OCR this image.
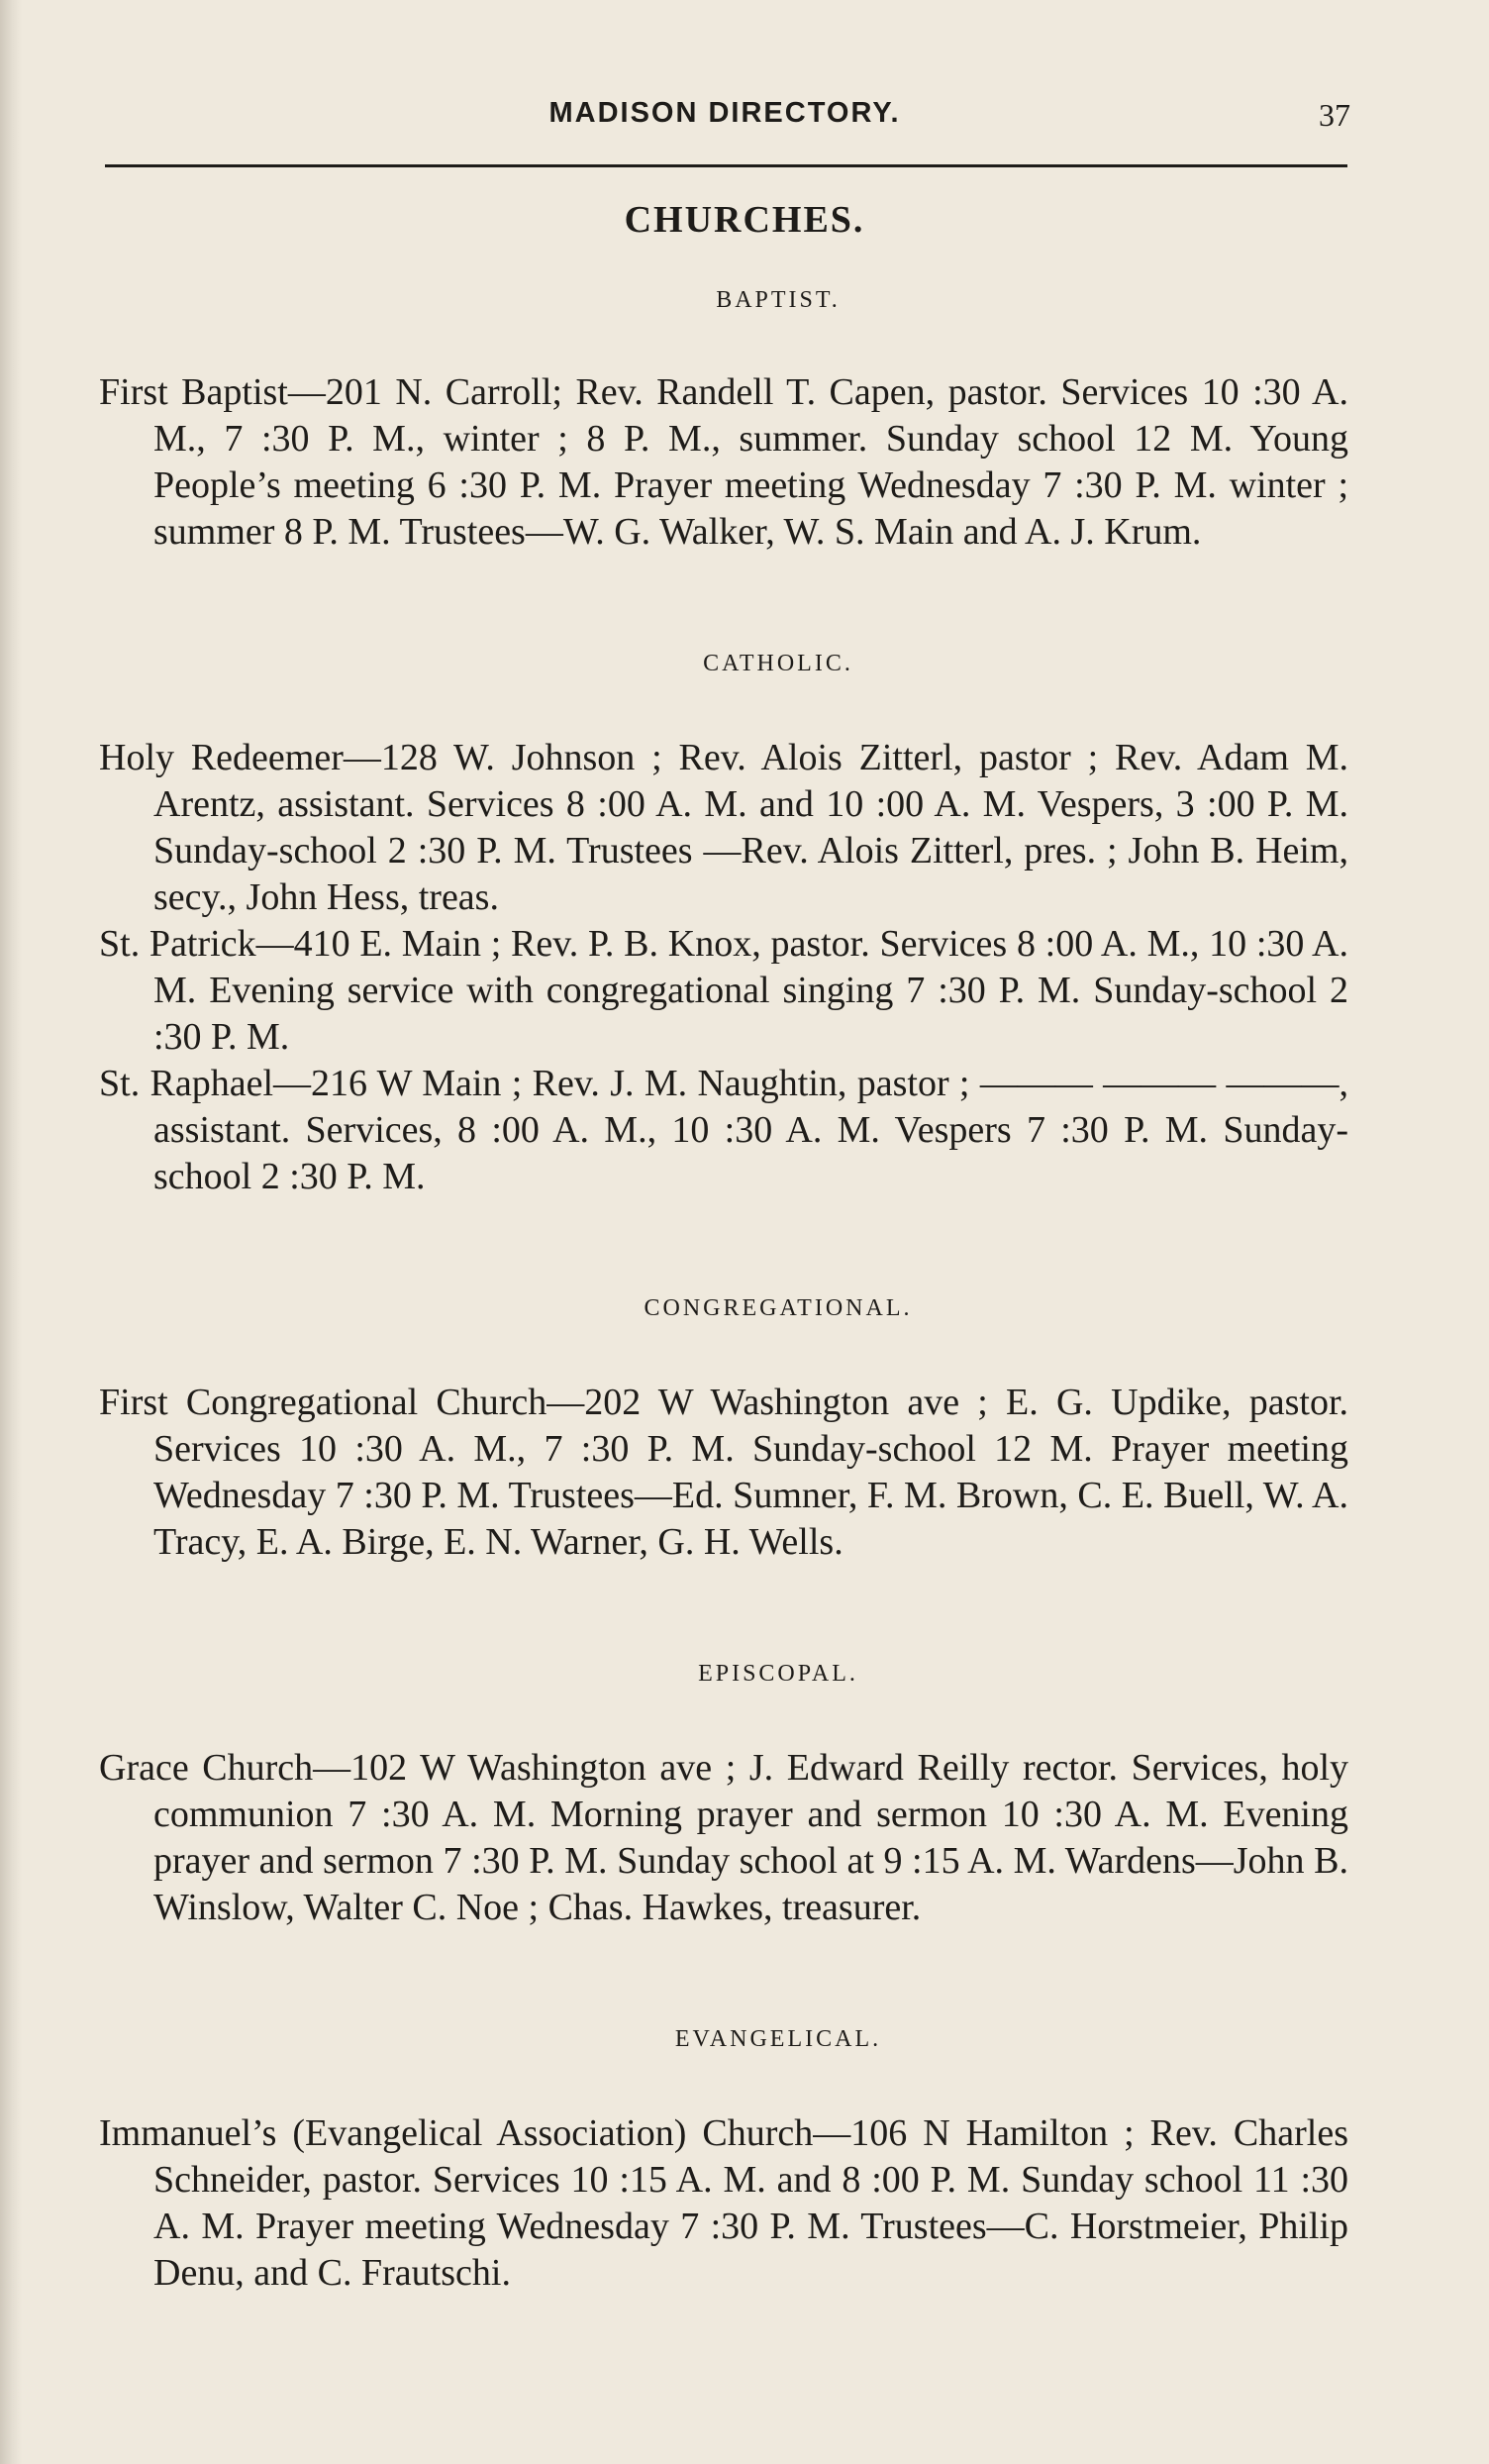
MADISON DIRECTORY.	37
CHURCHES.

BAPTIST.

First Baptist—201 N. Carroll; Rev. Randell T. Capen, pastor. Services 10 :30 A. M., 7 :30 P. M., winter ; 8 P. M., summer. Sunday school 12 M. Young People’s meeting 6 :30 P. M. Prayer meeting Wednesday 7 :30 P. M. winter ; summer 8 P. M. Trustees—W. G. Walker, W. S. Main and A. J. Krum.

CATHOLIC.

Holy Redeemer—128 W. Johnson ; Rev. Alois Zitterl, pastor ; Rev. Adam M. Arentz, assistant. Services 8 :00 A. M. and 10 :00 A. M. Vespers, 3 :00 P. M. Sunday-school 2 :30 P. M. Trustees —Rev. Alois Zitterl, pres. ; John B. Heim, secy., John Hess, treas.

St. Patrick—410 E. Main ; Rev. P. B. Knox, pastor. Services 8 :00 A. M., 10 :30 A. M. Evening service with congregational singing 7 :30 P. M. Sunday-school 2 :30 P. M.

St. Raphael—216 W Main ; Rev. J. M. Naughtin, pastor ; ——— ——— ———, assistant. Services, 8 :00 A. M., 10 :30 A. M. Vespers 7 :30 P. M. Sunday-school 2 :30 P. M.

CONGREGATIONAL.

First Congregational Church—202 W Washington ave ; E. G. Updike, pastor. Services 10 :30 A. M., 7 :30 P. M. Sunday-school 12 M. Prayer meeting Wednesday 7 :30 P. M. Trustees—Ed. Sumner, F. M. Brown, C. E. Buell, W. A. Tracy, E. A. Birge, E. N. Warner, G. H. Wells.

EPISCOPAL.

Grace Church—102 W Washington ave ; J. Edward Reilly rector. Services, holy communion 7 :30 A. M. Morning prayer and sermon 10 :30 A. M. Evening prayer and sermon 7 :30 P. M. Sunday school at 9 :15 A. M. Wardens—John B. Winslow, Walter C. Noe ; Chas. Hawkes, treasurer.

EVANGELICAL.

Immanuel’s (Evangelical Association) Church—106 N Hamilton ; Rev. Charles Schneider, pastor. Services 10 :15 A. M. and 8 :00 P. M. Sunday school 11 :30 A. M. Prayer meeting Wednesday 7 :30 P. M. Trustees—C. Horstmeier, Philip Denu, and C. Frautschi.
